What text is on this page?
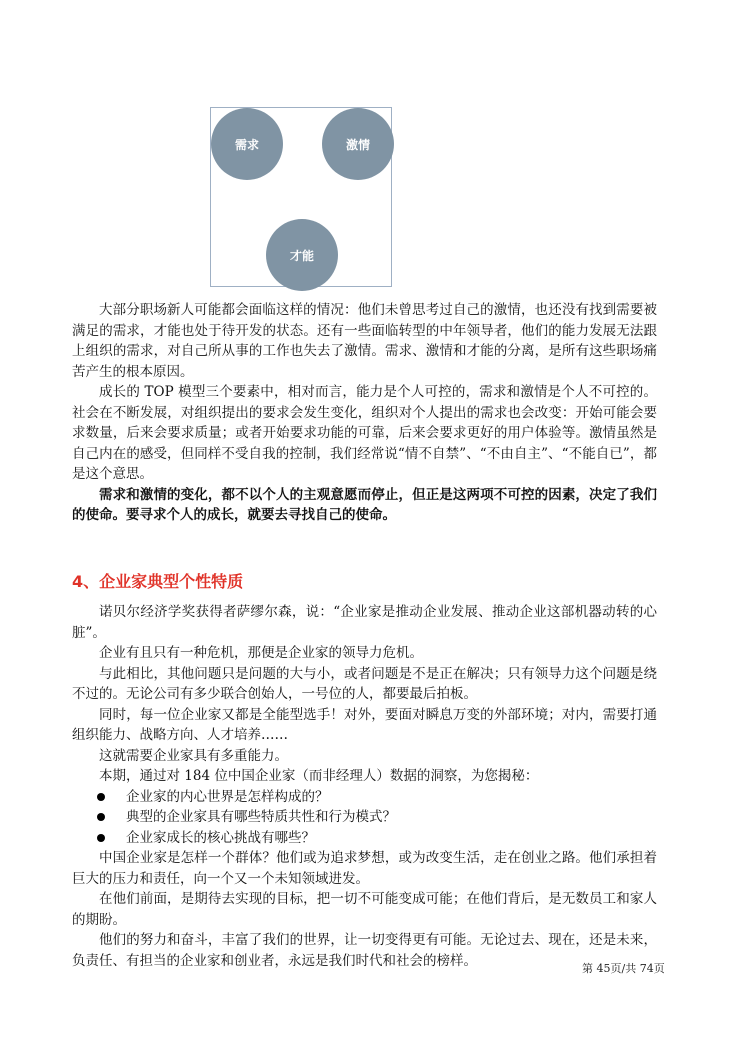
需求	激情
才能

大部分职场新人可能都会面临这样的情况：他们未曾思考过自己的激情，也还没有找到需要被满足的需求，才能也处于待开发的状态。还有一些面临转型的中年领导者，他们的能力发展无法跟上组织的需求，对自己所从事的工作也失去了激情。需求、激情和才能的分离，是所有这些职场痛苦产生的根本原因。

成长的 TOP 模型三个要素中，相对而言，能力是个人可控的，需求和激情是个人不可控的。社会在不断发展，对组织提出的要求会发生变化，组织对个人提出的需求也会改变：开始可能会要求数量，后来会要求质量；或者开始要求功能的可靠，后来会要求更好的用户体验等。激情虽然是自己内在的感受，但同样不受自我的控制，我们经常说“情不自禁”、“不由自主”、“不能自已”，都是这个意思。

需求和激情的变化，都不以个人的主观意愿而停止，但正是这两项不可控的因素，决定了我们的使命。要寻求个人的成长，就要去寻找自己的使命。

4、企业家典型个性特质

诺贝尔经济学奖获得者萨缪尔森，说：“企业家是推动企业发展、推动企业这部机器动转的心脏”。

企业有且只有一种危机，那便是企业家的领导力危机。

与此相比，其他问题只是问题的大与小，或者问题是不是正在解决；只有领导力这个问题是绕不过的。无论公司有多少联合创始人，一号位的人，都要最后拍板。

同时，每一位企业家又都是全能型选手！对外，要面对瞬息万变的外部环境；对内，需要打通组织能力、战略方向、人才培养……

这就需要企业家具有多重能力。

本期，通过对 184 位中国企业家（而非经理人）数据的洞察，为您揭秘：

企业家的内心世界是怎样构成的？
典型的企业家具有哪些特质共性和行为模式？
企业家成长的核心挑战有哪些？

中国企业家是怎样一个群体？他们或为追求梦想，或为改变生活，走在创业之路。他们承担着巨大的压力和责任，向一个又一个未知领域进发。

在他们前面，是期待去实现的目标，把一切不可能变成可能；在他们背后，是无数员工和家人的期盼。

他们的努力和奋斗，丰富了我们的世界，让一切变得更有可能。无论过去、现在，还是未来，负责任、有担当的企业家和创业者，永远是我们时代和社会的榜样。	第 45页/共 74页
